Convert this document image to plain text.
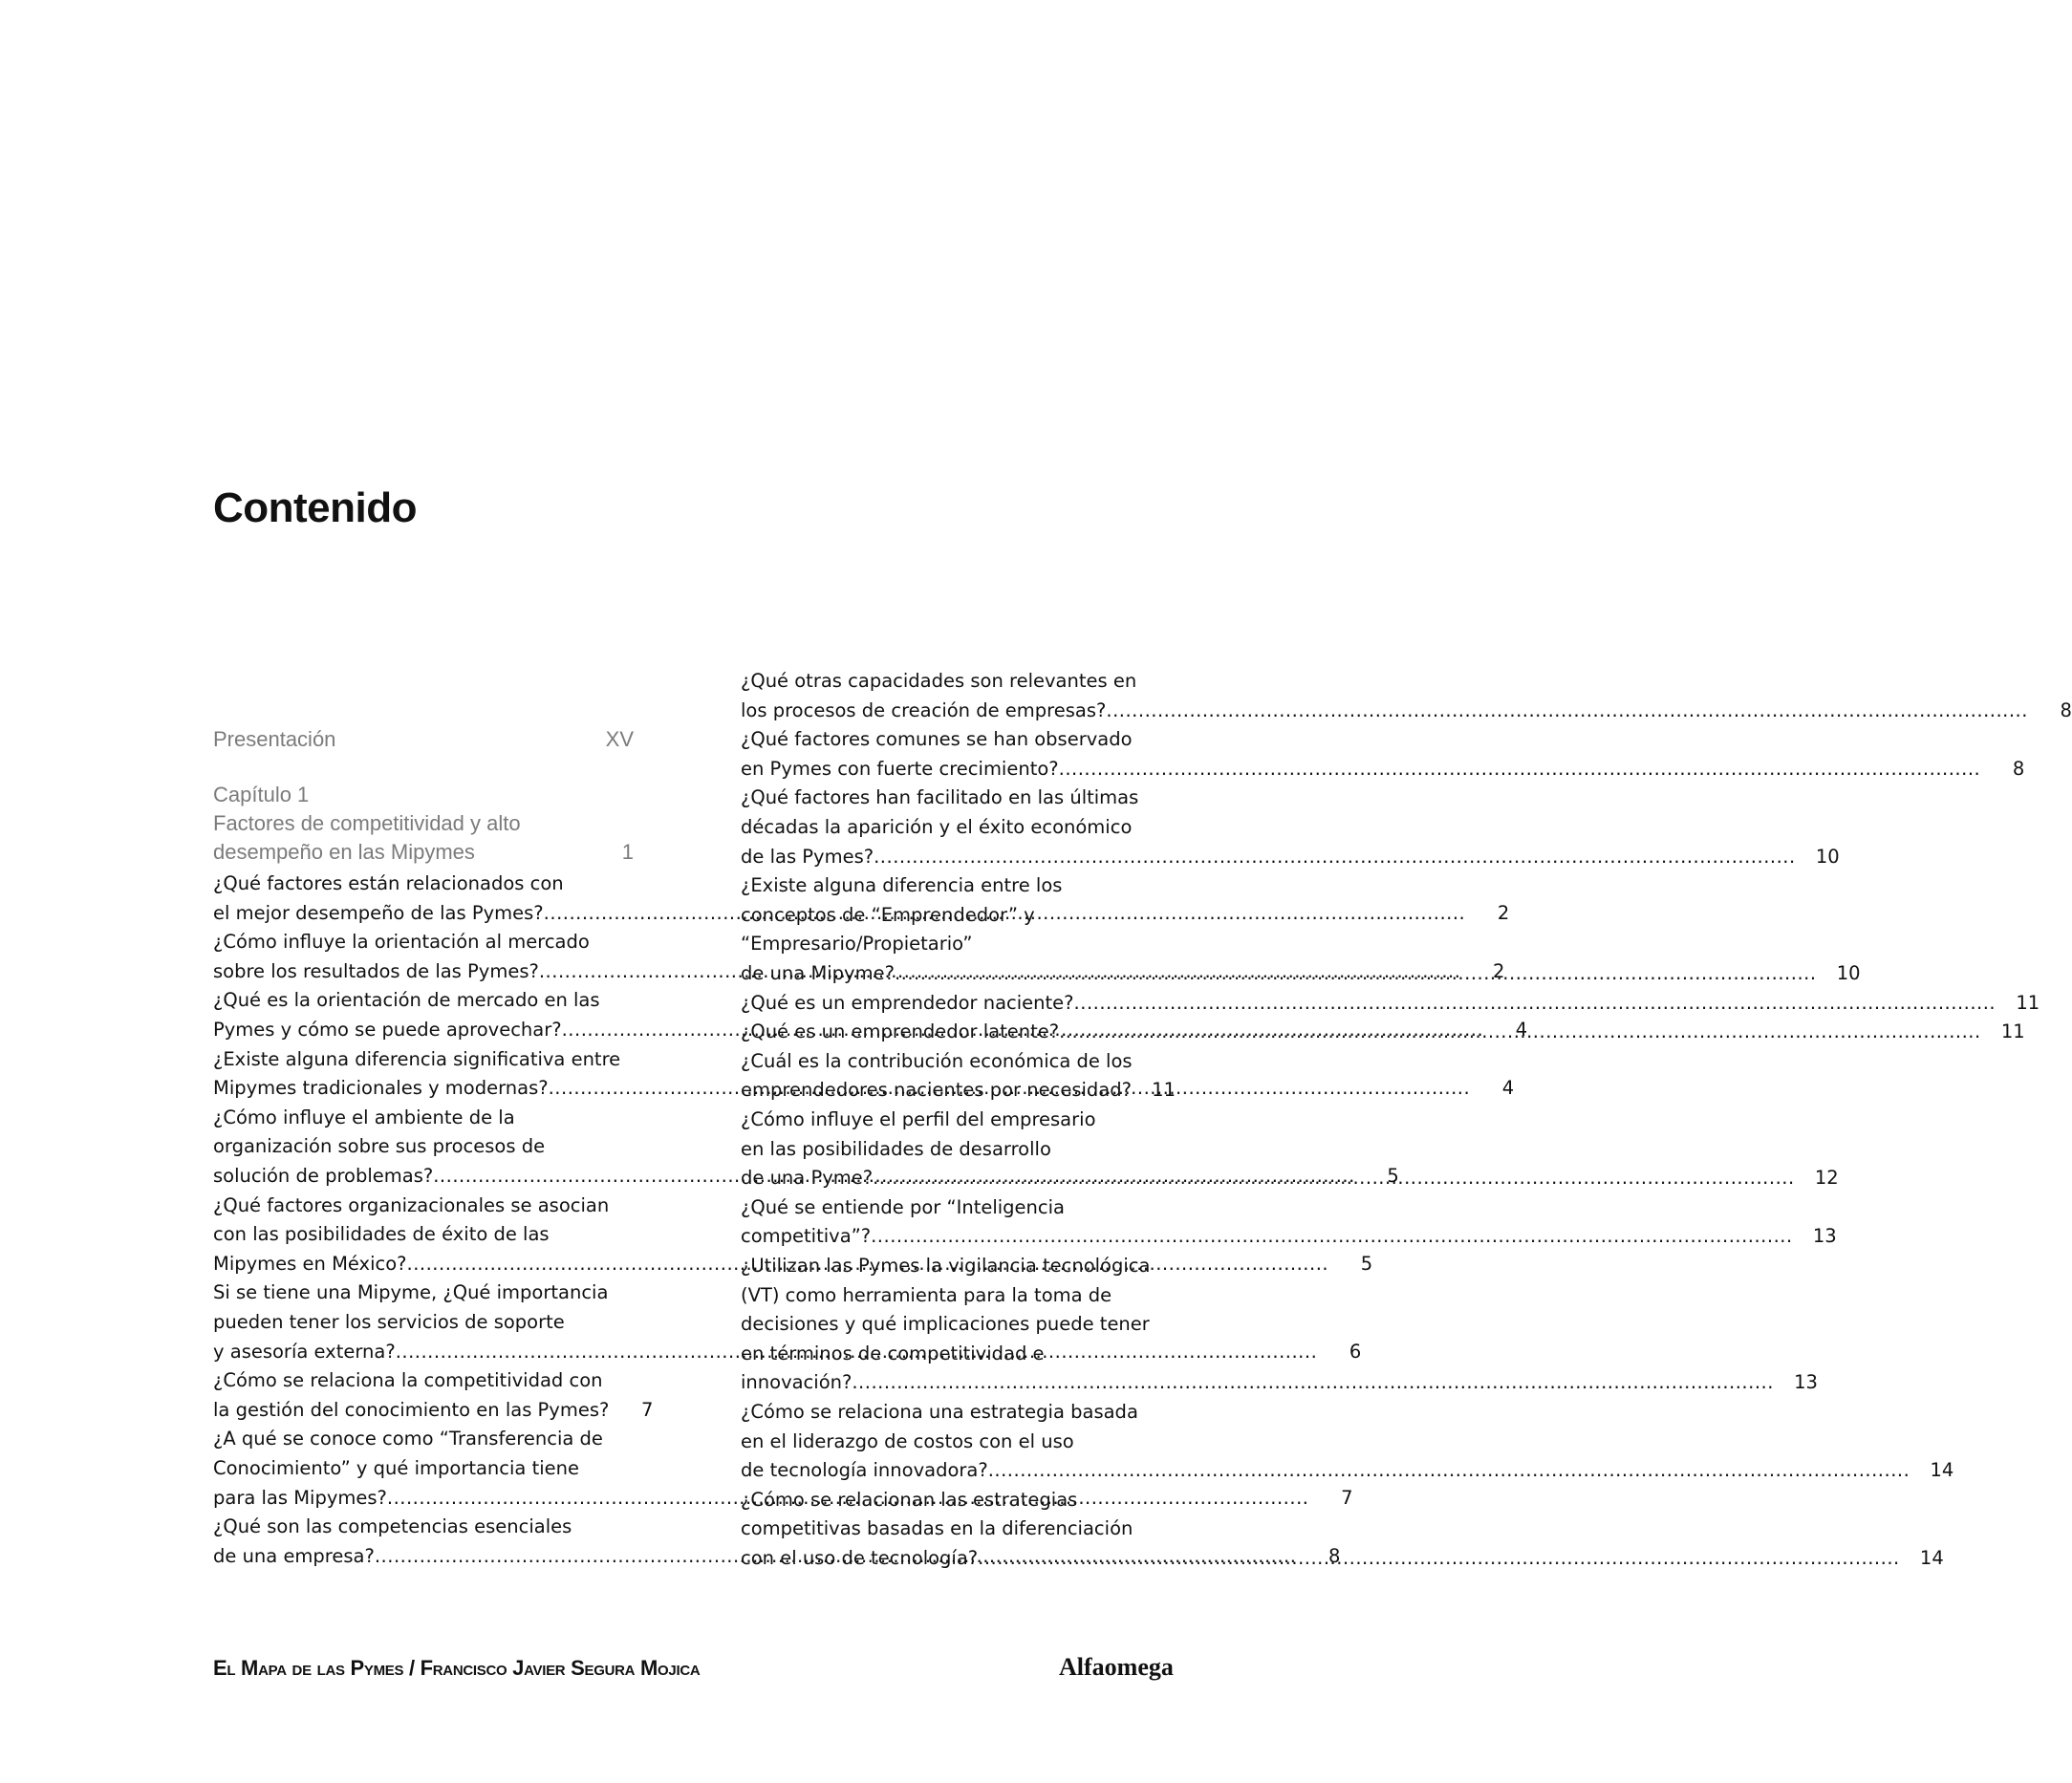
Contenido
Presentación	XV
Capítulo 1
Factores de competitividad y alto
desempeño en las Mipymes	1
¿Qué factores están relacionados con
el mejor desempeño de las Pymes? .....	2
¿Cómo influye la orientación al mercado
sobre los resultados de las Pymes? .....	2
¿Qué es la orientación de mercado en las
Pymes y cómo se puede aprovechar? .....	4
¿Existe alguna diferencia significativa entre
Mipymes tradicionales y modernas? .....	4
¿Cómo influye el ambiente de la
organización sobre sus procesos de
solución de problemas? .....	5
¿Qué factores organizacionales se asocian
con las posibilidades de éxito de las
Mipymes en México? .....	5
Si se tiene una Mipyme, ¿Qué importancia
pueden tener los servicios de soporte
y asesoría externa? .....	6
¿Cómo se relaciona la competitividad con
la gestión del conocimiento en las Pymes?	7
¿A qué se conoce como “Transferencia de
Conocimiento” y qué importancia tiene
para las Mipymes? .....	7
¿Qué son las competencias esenciales
de una empresa? .....	8
¿Qué otras capacidades son relevantes en
los procesos de creación de empresas? .....	8
¿Qué factores comunes se han observado
en Pymes con fuerte crecimiento? .....	8
¿Qué factores han facilitado en las últimas
décadas la aparición y el éxito económico
de las Pymes? .....	10
¿Existe alguna diferencia entre los
conceptos de “Emprendedor” y
“Empresario/Propietario”
de una Mipyme? .....	10
¿Qué es un emprendedor naciente? .....	11
¿Qué es un emprendedor latente? .....	11
¿Cuál es la contribución económica de los
emprendedores nacientes por necesidad?	11
¿Cómo influye el perfil del empresario
en las posibilidades de desarrollo
de una Pyme? .....	12
¿Qué se entiende por “Inteligencia
competitiva”? .....	13
¿Utilizan las Pymes la vigilancia tecnológica
(VT) como herramienta para la toma de
decisiones y qué implicaciones puede tener
en términos de competitividad e
innovación? .....	13
¿Cómo se relaciona una estrategia basada
en el liderazgo de costos con el uso
de tecnología innovadora? .....	14
¿Cómo se relacionan las estrategias
competitivas basadas en la diferenciación
con el uso de tecnología? .....	14
El Mapa de las Pymes / Francisco Javier Segura Mojica	Alfaomega
